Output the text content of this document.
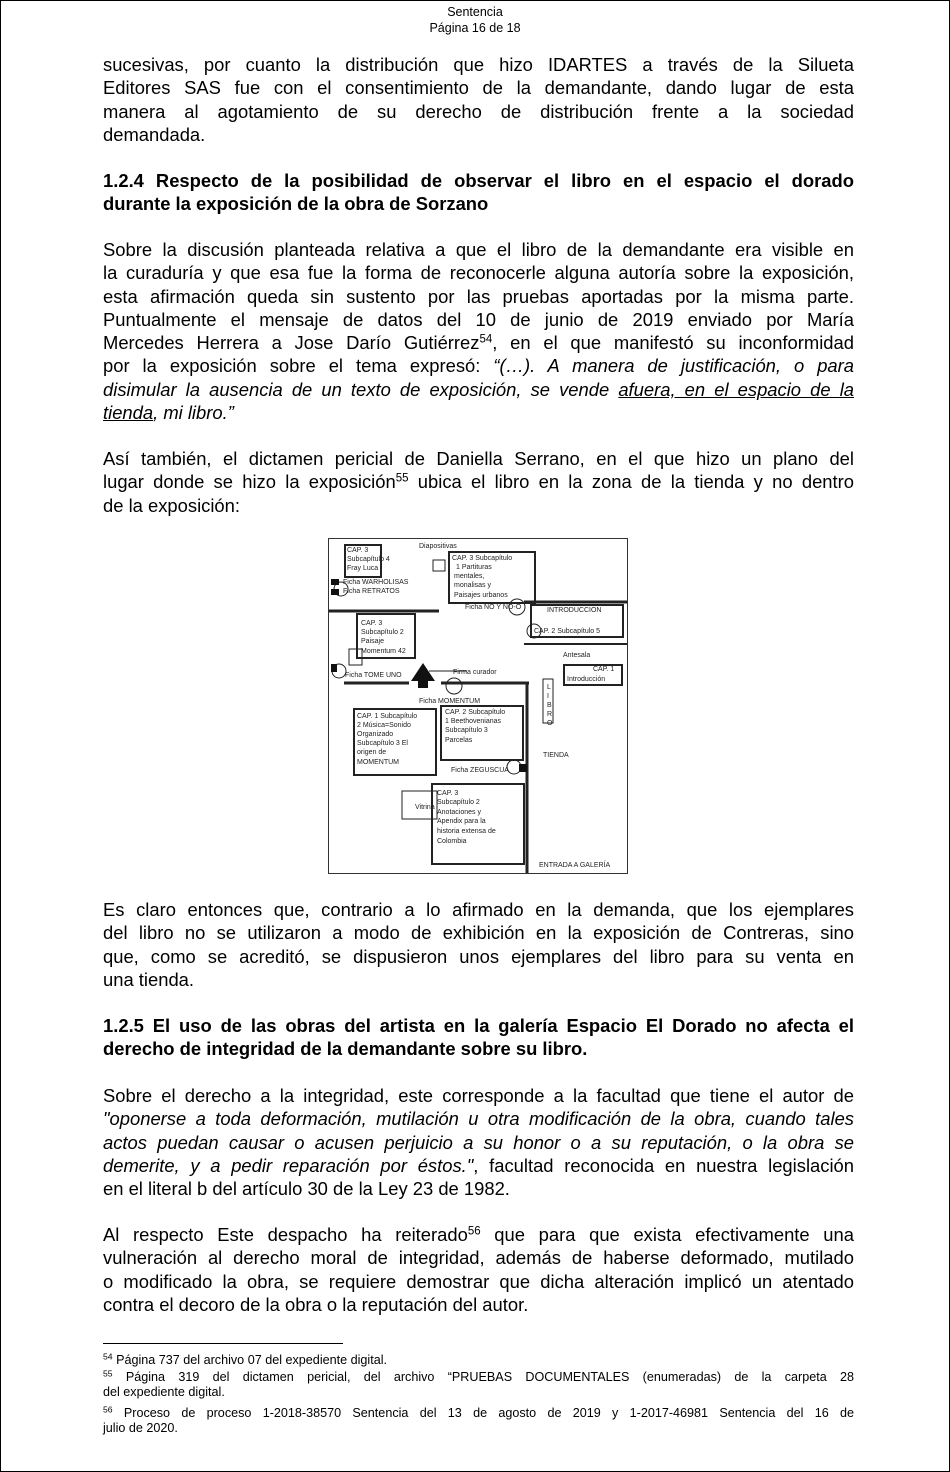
Sentencia
Página 16 de 18
sucesivas, por cuanto la distribución que hizo IDARTES a través de la Silueta
Editores SAS fue con el consentimiento de la demandante, dando lugar de esta
manera al agotamiento de su derecho de distribución frente a la sociedad
demandada.
1.2.4 Respecto de la posibilidad de observar el libro en el espacio el dorado
durante la exposición de la obra de Sorzano
Sobre la discusión planteada relativa a que el libro de la demandante era visible en
la curaduría y que esa fue la forma de reconocerle alguna autoría sobre la exposición,
esta afirmación queda sin sustento por las pruebas aportadas por la misma parte.
Puntualmente el mensaje de datos del 10 de junio de 2019 enviado por María
Mercedes Herrera a Jose Darío Gutiérrez$^{54}$, en el que manifestó su inconformidad
por la exposición sobre el tema expresó: “(…). A manera de justificación, o para
disimular la ausencia de un texto de exposición, se vende afuera, en el espacio de la
tienda, mi libro.”
Así también, el dictamen pericial de Daniella Serrano, en el que hizo un plano del
lugar donde se hizo la exposición$^{55}$ ubica el libro en la zona de la tienda y no dentro
de la exposición:
Diapositivas
CAP. 3
Subcapítulo 4
Fray Luca
CAP. 3 Subcapítulo
1 Partituras
mentales,
monalisas y
Paisajes urbanos
Ficha WARHOLISAS
Ficha RETRATOS
Ficha NO Y NO-O	INTRODUCCIÓN
CAP. 2 Subcapítulo 5
CAP. 3
Subcapítulo 2
Paisaje
Momentum 42
Antesala
CAP. 1
Introducción
Ficha TOME UNO	Firma curador
Ficha MOMENTUM
L
I
B
R
O
CAP. 1 Subcapítulo
2 Música=Sonido
Organizado
Subcapítulo 3 El
origen de
MOMENTUM
CAP. 2 Subcapítulo
1 Beethovenianas
Subcapítulo 3
Parcelas
TIENDA
Ficha ZEGUSCUA
Vitrina
CAP. 3
Subcapítulo 2
Anotaciones y
Apendix para la
historia extensa de
Colombia
ENTRADA A GALERÍA
Es claro entonces que, contrario a lo afirmado en la demanda, que los ejemplares
del libro no se utilizaron a modo de exhibición en la exposición de Contreras, sino
que, como se acreditó, se dispusieron unos ejemplares del libro para su venta en
una tienda.
1.2.5 El uso de las obras del artista en la galería Espacio El Dorado no afecta el
derecho de integridad de la demandante sobre su libro.
Sobre el derecho a la integridad, este corresponde a la facultad que tiene el autor de
"oponerse a toda deformación, mutilación u otra modificación de la obra, cuando tales
actos puedan causar o acusen perjuicio a su honor o a su reputación, o la obra se
demerite, y a pedir reparación por éstos.", facultad reconocida en nuestra legislación
en el literal b del artículo 30 de la Ley 23 de 1982.
Al respecto Este despacho ha reiterado$^{56}$ que para que exista efectivamente una
vulneración al derecho moral de integridad, además de haberse deformado, mutilado
o modificado la obra, se requiere demostrar que dicha alteración implicó un atentado
contra el decoro de la obra o la reputación del autor.
$^{54}$ Página 737 del archivo 07 del expediente digital.
$^{55}$ Página 319 del dictamen pericial, del archivo “PRUEBAS DOCUMENTALES (enumeradas) de la carpeta 28
del expediente digital.
$^{56}$ Proceso de proceso 1-2018-38570 Sentencia del 13 de agosto de 2019 y 1-2017-46981 Sentencia del 16 de
julio de 2020.
